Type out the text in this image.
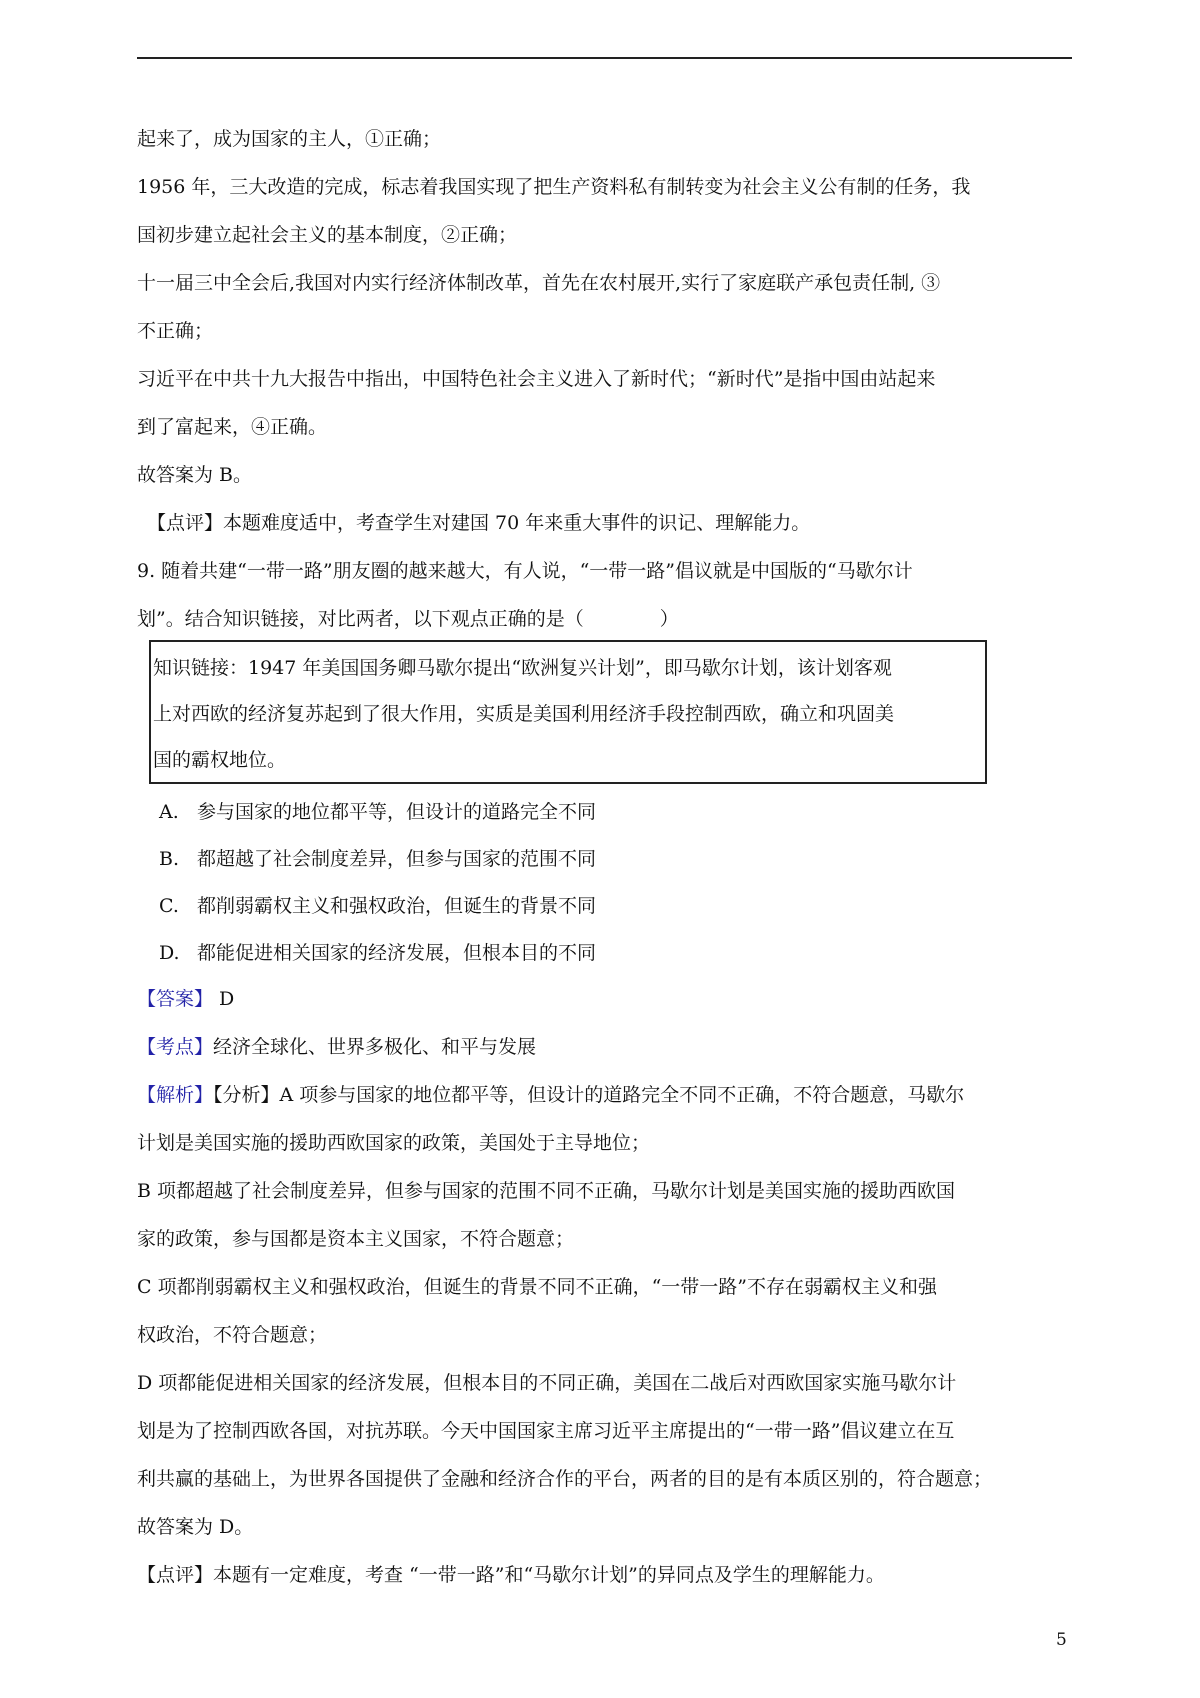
起来了，成为国家的主人，①正确；
1956 年，三大改造的完成，标志着我国实现了把生产资料私有制转变为社会主义公有制的任务，我
国初步建立起社会主义的基本制度，②正确；
十一届三中全会后,我国对内实行经济体制改革，首先在农村展开,实行了家庭联产承包责任制, ③
不正确；
习近平在中共十九大报告中指出，中国特色社会主义进入了新时代；“新时代”是指中国由站起来
到了富起来，④正确。
故答案为 B。
【点评】本题难度适中，考查学生对建国 70 年来重大事件的识记、理解能力。
9. 随着共建“一带一路”朋友圈的越来越大，有人说，“一带一路”倡议就是中国版的“马歇尔计
划”。结合知识链接，对比两者，以下观点正确的是（　　　　）
知识链接：1947 年美国国务卿马歇尔提出“欧洲复兴计划”，即马歇尔计划，该计划客观
上对西欧的经济复苏起到了很大作用，实质是美国利用经济手段控制西欧，确立和巩固美
国的霸权地位。
A. 参与国家的地位都平等，但设计的道路完全不同
B. 都超越了社会制度差异，但参与国家的范围不同
C. 都削弱霸权主义和强权政治，但诞生的背景不同
D. 都能促进相关国家的经济发展，但根本目的不同
【答案】 D
【考点】经济全球化、世界多极化、和平与发展
【解析】【分析】A 项参与国家的地位都平等，但设计的道路完全不同不正确，不符合题意，马歇尔
计划是美国实施的援助西欧国家的政策，美国处于主导地位；
B 项都超越了社会制度差异，但参与国家的范围不同不正确，马歇尔计划是美国实施的援助西欧国
家的政策，参与国都是资本主义国家，不符合题意；
C 项都削弱霸权主义和强权政治，但诞生的背景不同不正确，“一带一路”不存在弱霸权主义和强
权政治，不符合题意；
D 项都能促进相关国家的经济发展，但根本目的不同正确，美国在二战后对西欧国家实施马歇尔计
划是为了控制西欧各国，对抗苏联。今天中国国家主席习近平主席提出的“一带一路”倡议建立在互
利共赢的基础上，为世界各国提供了金融和经济合作的平台，两者的目的是有本质区别的，符合题意；
故答案为 D。
【点评】本题有一定难度，考查 “一带一路”和“马歇尔计划”的异同点及学生的理解能力。
5
